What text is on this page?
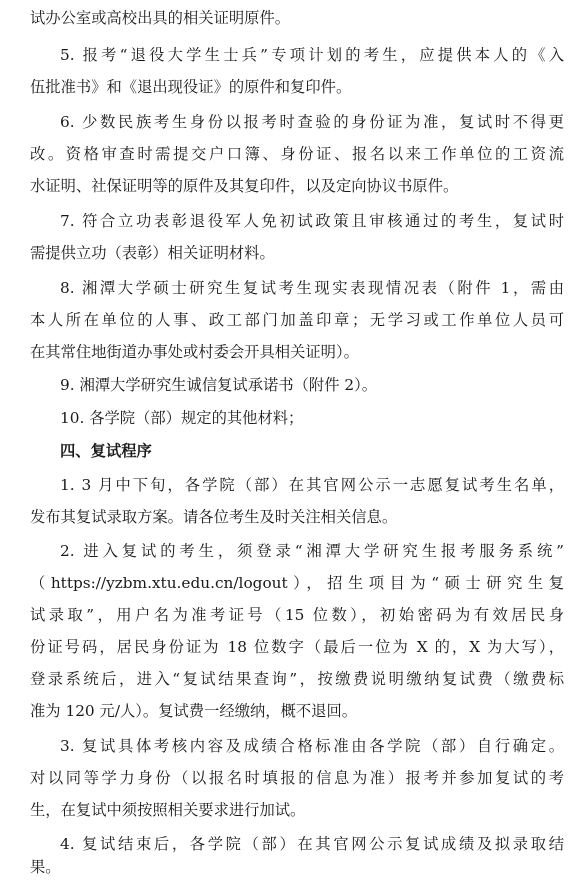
试办公室或高校出具的相关证明原件。
5. 报考“退役大学生士兵”专项计划的考生，应提供本人的《入
伍批准书》和《退出现役证》的原件和复印件。
6. 少数民族考生身份以报考时查验的身份证为准，复试时不得更
改。资格审查时需提交户口簿、身份证、报名以来工作单位的工资流
水证明、社保证明等的原件及其复印件，以及定向协议书原件。
7. 符合立功表彰退役军人免初试政策且审核通过的考生，复试时
需提供立功（表彰）相关证明材料。
8. 湘潭大学硕士研究生复试考生现实表现情况表（附件 1，需由
本人所在单位的人事、政工部门加盖印章；无学习或工作单位人员可
在其常住地街道办事处或村委会开具相关证明）。
9. 湘潭大学研究生诚信复试承诺书（附件 2）。
10. 各学院（部）规定的其他材料；
四、复试程序
1. 3 月中下旬，各学院（部）在其官网公示一志愿复试考生名单，
发布其复试录取方案。请各位考生及时关注相关信息。
2. 进入复试的考生，须登录“湘潭大学研究生报考服务系统”
（https://yzbm.xtu.edu.cn/logout），招生项目为“硕士研究生复
试录取”，用户名为准考证号（15 位数），初始密码为有效居民身
份证号码，居民身份证为 18 位数字（最后一位为 X 的，X 为大写），
登录系统后，进入“复试结果查询”，按缴费说明缴纳复试费（缴费标
准为 120 元/人）。复试费一经缴纳，概不退回。
3. 复试具体考核内容及成绩合格标准由各学院（部）自行确定。
对以同等学力身份（以报名时填报的信息为准）报考并参加复试的考
生，在复试中须按照相关要求进行加试。
4. 复试结束后，各学院（部）在其官网公示复试成绩及拟录取结
果。
